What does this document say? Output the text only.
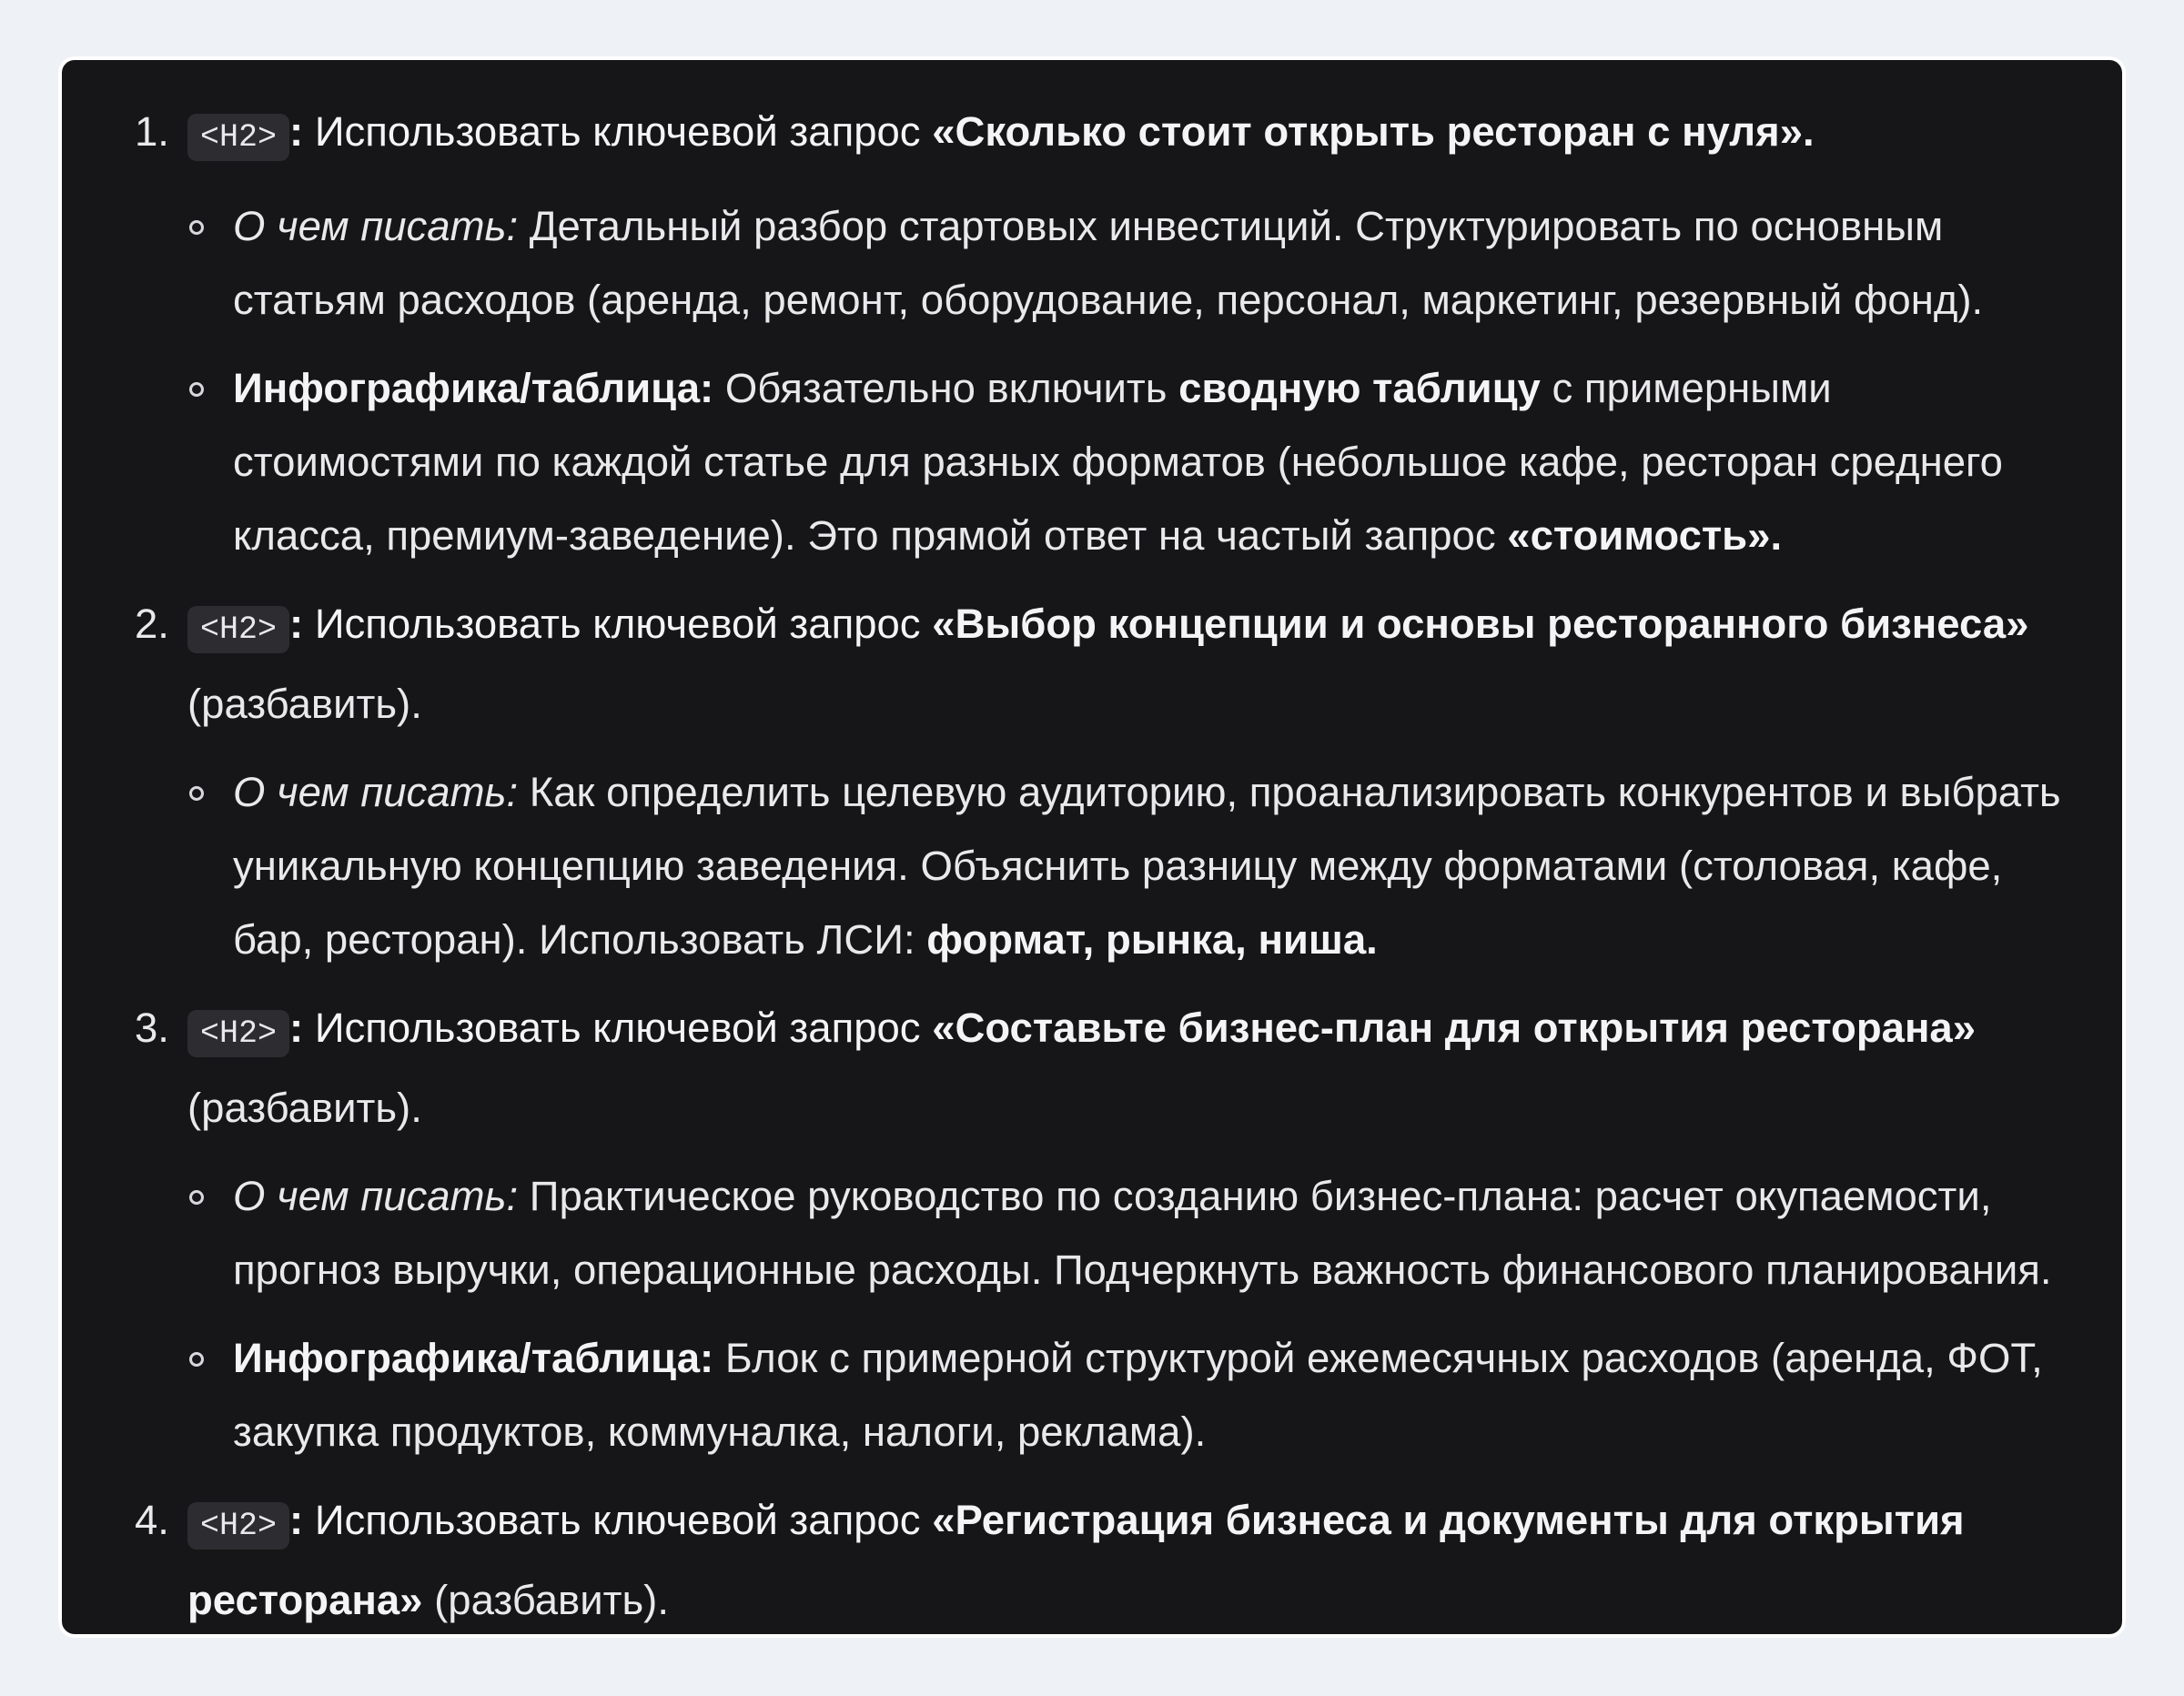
1. <H2> : Использовать ключевой запрос «Сколько стоит открыть ресторан с нуля».
О чем писать: Детальный разбор стартовых инвестиций. Структурировать по основным статьям расходов (аренда, ремонт, оборудование, персонал, маркетинг, резервный фонд).
Инфографика/таблица: Обязательно включить сводную таблицу с примерными стоимостями по каждой статье для разных форматов (небольшое кафе, ресторан среднего класса, премиум-заведение). Это прямой ответ на частый запрос «стоимость».
2. <H2> : Использовать ключевой запрос «Выбор концепции и основы ресторанного бизнеса» (разбавить).
О чем писать: Как определить целевую аудиторию, проанализировать конкурентов и выбрать уникальную концепцию заведения. Объяснить разницу между форматами (столовая, кафе, бар, ресторан). Использовать ЛСИ: формат, рынка, ниша.
3. <H2> : Использовать ключевой запрос «Составьте бизнес-план для открытия ресторана» (разбавить).
О чем писать: Практическое руководство по созданию бизнес-плана: расчет окупаемости, прогноз выручки, операционные расходы. Подчеркнуть важность финансового планирования.
Инфографика/таблица: Блок с примерной структурой ежемесячных расходов (аренда, ФОТ, закупка продуктов, коммуналка, налоги, реклама).
4. <H2> : Использовать ключевой запрос «Регистрация бизнеса и документы для открытия ресторана» (разбавить).
